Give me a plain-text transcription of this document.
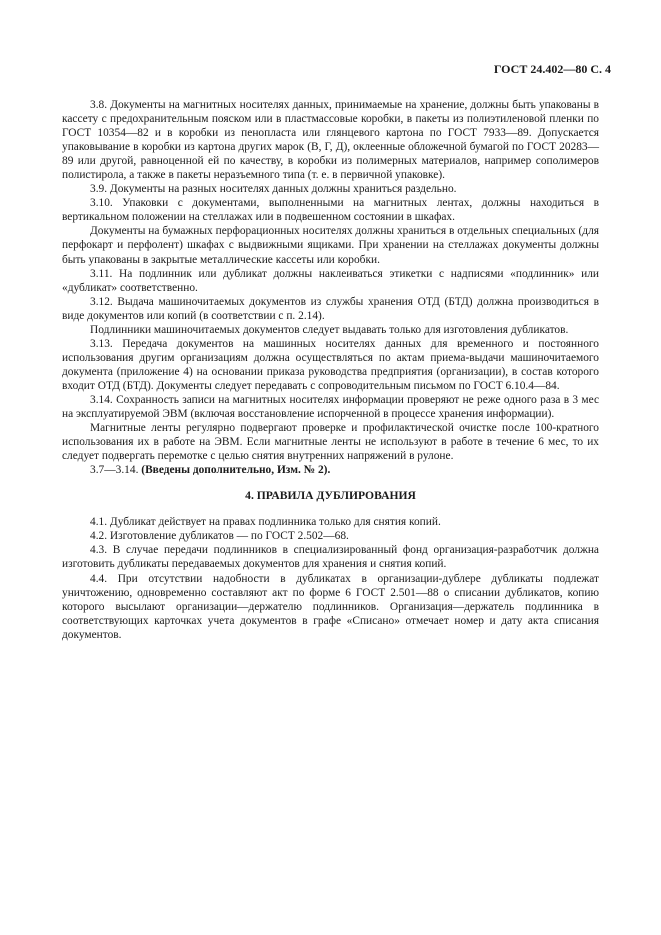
ГОСТ 24.402—80 С. 4

3.8. Документы на магнитных носителях данных, принимаемые на хранение, должны быть упакованы в кассету с предохранительным пояском или в пластмассовые коробки, в пакеты из полиэтиленовой пленки по ГОСТ 10354—82 и в коробки из пенопласта или глянцевого картона по ГОСТ 7933—89. Допускается упаковывание в коробки из картона других марок (В, Г, Д), оклеенные обложечной бумагой по ГОСТ 20283—89 или другой, равноценной ей по качеству, в коробки из полимерных материалов, например сополимеров полистирола, а также в пакеты неразъемного типа (т. е. в первичной упаковке).

3.9. Документы на разных носителях данных должны храниться раздельно.

3.10. Упаковки с документами, выполненными на магнитных лентах, должны находиться в вертикальном положении на стеллажах или в подвешенном состоянии в шкафах.

Документы на бумажных перфорационных носителях должны храниться в отдельных специальных (для перфокарт и перфолент) шкафах с выдвижными ящиками. При хранении на стеллажах документы должны быть упакованы в закрытые металлические кассеты или коробки.

3.11. На подлинник или дубликат должны наклеиваться этикетки с надписями «подлинник» или «дубликат» соответственно.

3.12. Выдача машиночитаемых документов из службы хранения ОТД (БТД) должна производиться в виде документов или копий (в соответствии с п. 2.14).

Подлинники машиночитаемых документов следует выдавать только для изготовления дубликатов.

3.13. Передача документов на машинных носителях данных для временного и постоянного использования другим организациям должна осуществляться по актам приема-выдачи машиночитаемого документа (приложение 4) на основании приказа руководства предприятия (организации), в состав которого входит ОТД (БТД). Документы следует передавать с сопроводительным письмом по ГОСТ 6.10.4—84.

3.14. Сохранность записи на магнитных носителях информации проверяют не реже одного раза в 3 мес на эксплуатируемой ЭВМ (включая восстановление испорченной в процессе хранения информации).

Магнитные ленты регулярно подвергают проверке и профилактической очистке после 100-кратного использования их в работе на ЭВМ. Если магнитные ленты не используют в работе в течение 6 мес, то их следует подвергать перемотке с целью снятия внутренних напряжений в рулоне.

3.7—3.14. (Введены дополнительно, Изм. № 2).

4. ПРАВИЛА ДУБЛИРОВАНИЯ

4.1. Дубликат действует на правах подлинника только для снятия копий.

4.2. Изготовление дубликатов — по ГОСТ 2.502—68.

4.3. В случае передачи подлинников в специализированный фонд организация-разработчик должна изготовить дубликаты передаваемых документов для хранения и снятия копий.

4.4. При отсутствии надобности в дубликатах в организации-дублере дубликаты подлежат уничтожению, одновременно составляют акт по форме 6 ГОСТ 2.501—88 о списании дубликатов, копию которого высылают организации—держателю подлинников. Организация—держатель подлинника в соответствующих карточках учета документов в графе «Списано» отмечает номер и дату акта списания документов.
